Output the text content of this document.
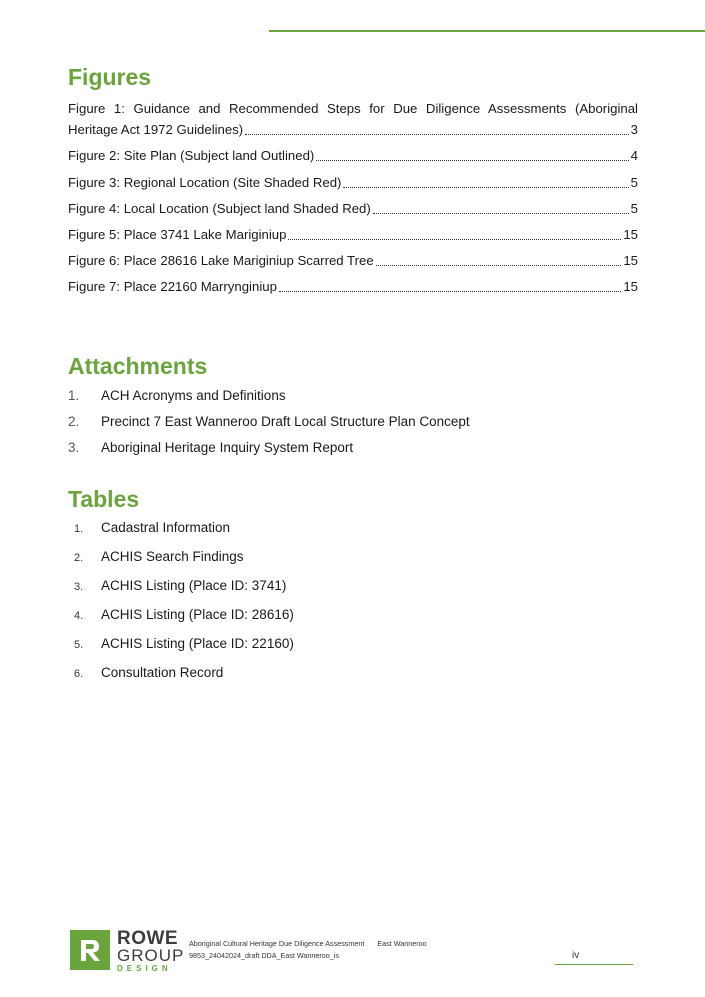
Figures
Figure 1: Guidance and Recommended Steps for Due Diligence Assessments (Aboriginal
Heritage Act 1972 Guidelines)	3
Figure 2: Site Plan (Subject land Outlined)	4
Figure 3: Regional Location (Site Shaded Red)	5
Figure 4: Local Location (Subject land Shaded Red)	5
Figure 5: Place 3741 Lake Mariginiup	15
Figure 6: Place 28616 Lake Mariginiup Scarred Tree	15
Figure 7: Place 22160 Marrynginiup	15
Attachments
1.	ACH Acronyms and Definitions
2.	Precinct 7 East Wanneroo Draft Local Structure Plan Concept
3.	Aboriginal Heritage Inquiry System Report
Tables
1.	Cadastral Information
2.	ACHIS Search Findings
3.	ACHIS Listing (Place ID: 3741)
4.	ACHIS Listing (Place ID: 28616)
5.	ACHIS Listing (Place ID: 22160)
6.	Consultation Record
ROWE
GROUP
DESIGN
Aboriginal Cultural Heritage Due Diligence Assessment East Wanneroo
9853_24042024_draft DDA_East Wanneroo_is	iv
